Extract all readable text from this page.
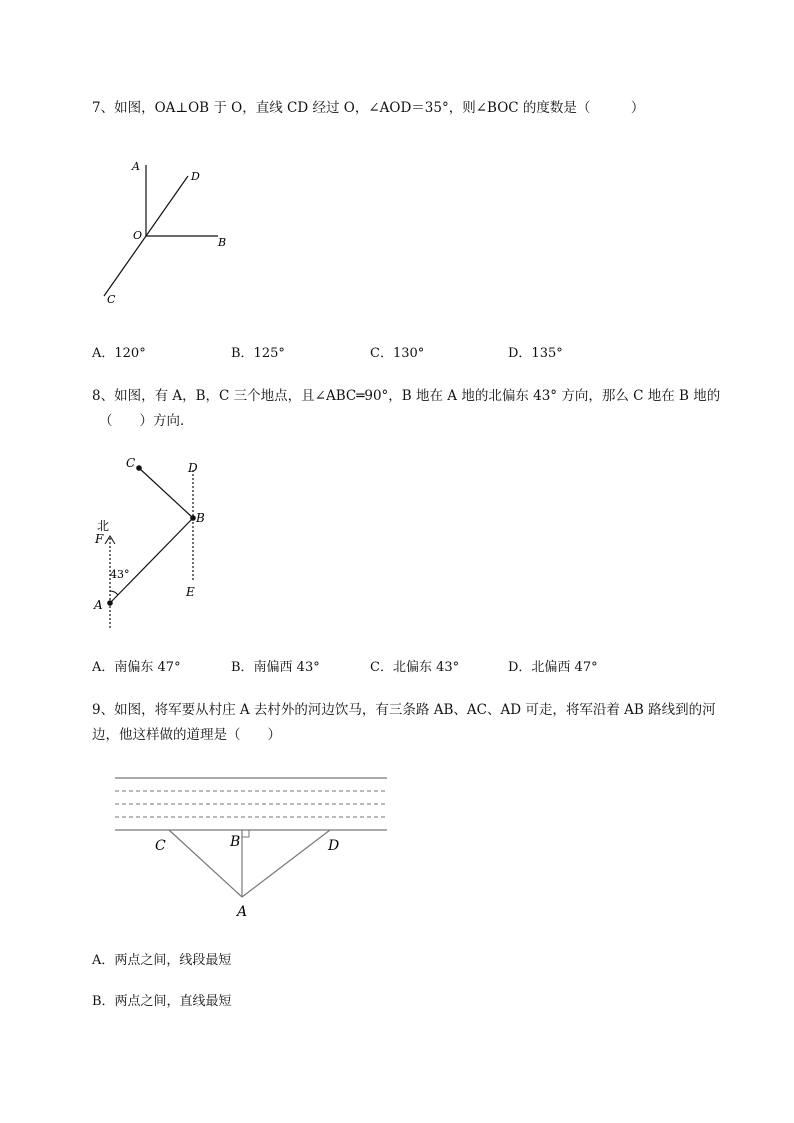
7、如图，OA⊥OB 于 O，直线 CD 经过 O，∠AOD＝35°，则∠BOC 的度数是（　　　）
A
D
O
B
C
A．120°	B．125°	C．130°	D．135°
8、如图，有 A，B，C 三个地点，且∠ABC═90°，B 地在 A 地的北偏东 43° 方向，那么 C 地在 B 地的
（　　）方向．
C	D
B
北
F
43°
A
E
A．南偏东 47°	B．南偏西 43°	C．北偏东 43°	D．北偏西 47°
9、如图，将军要从村庄 A 去村外的河边饮马，有三条路 AB、AC、AD 可走，将军沿着 AB 路线到的河
边，他这样做的道理是（　　）
C	B	D
A
A．两点之间，线段最短
B．两点之间，直线最短
